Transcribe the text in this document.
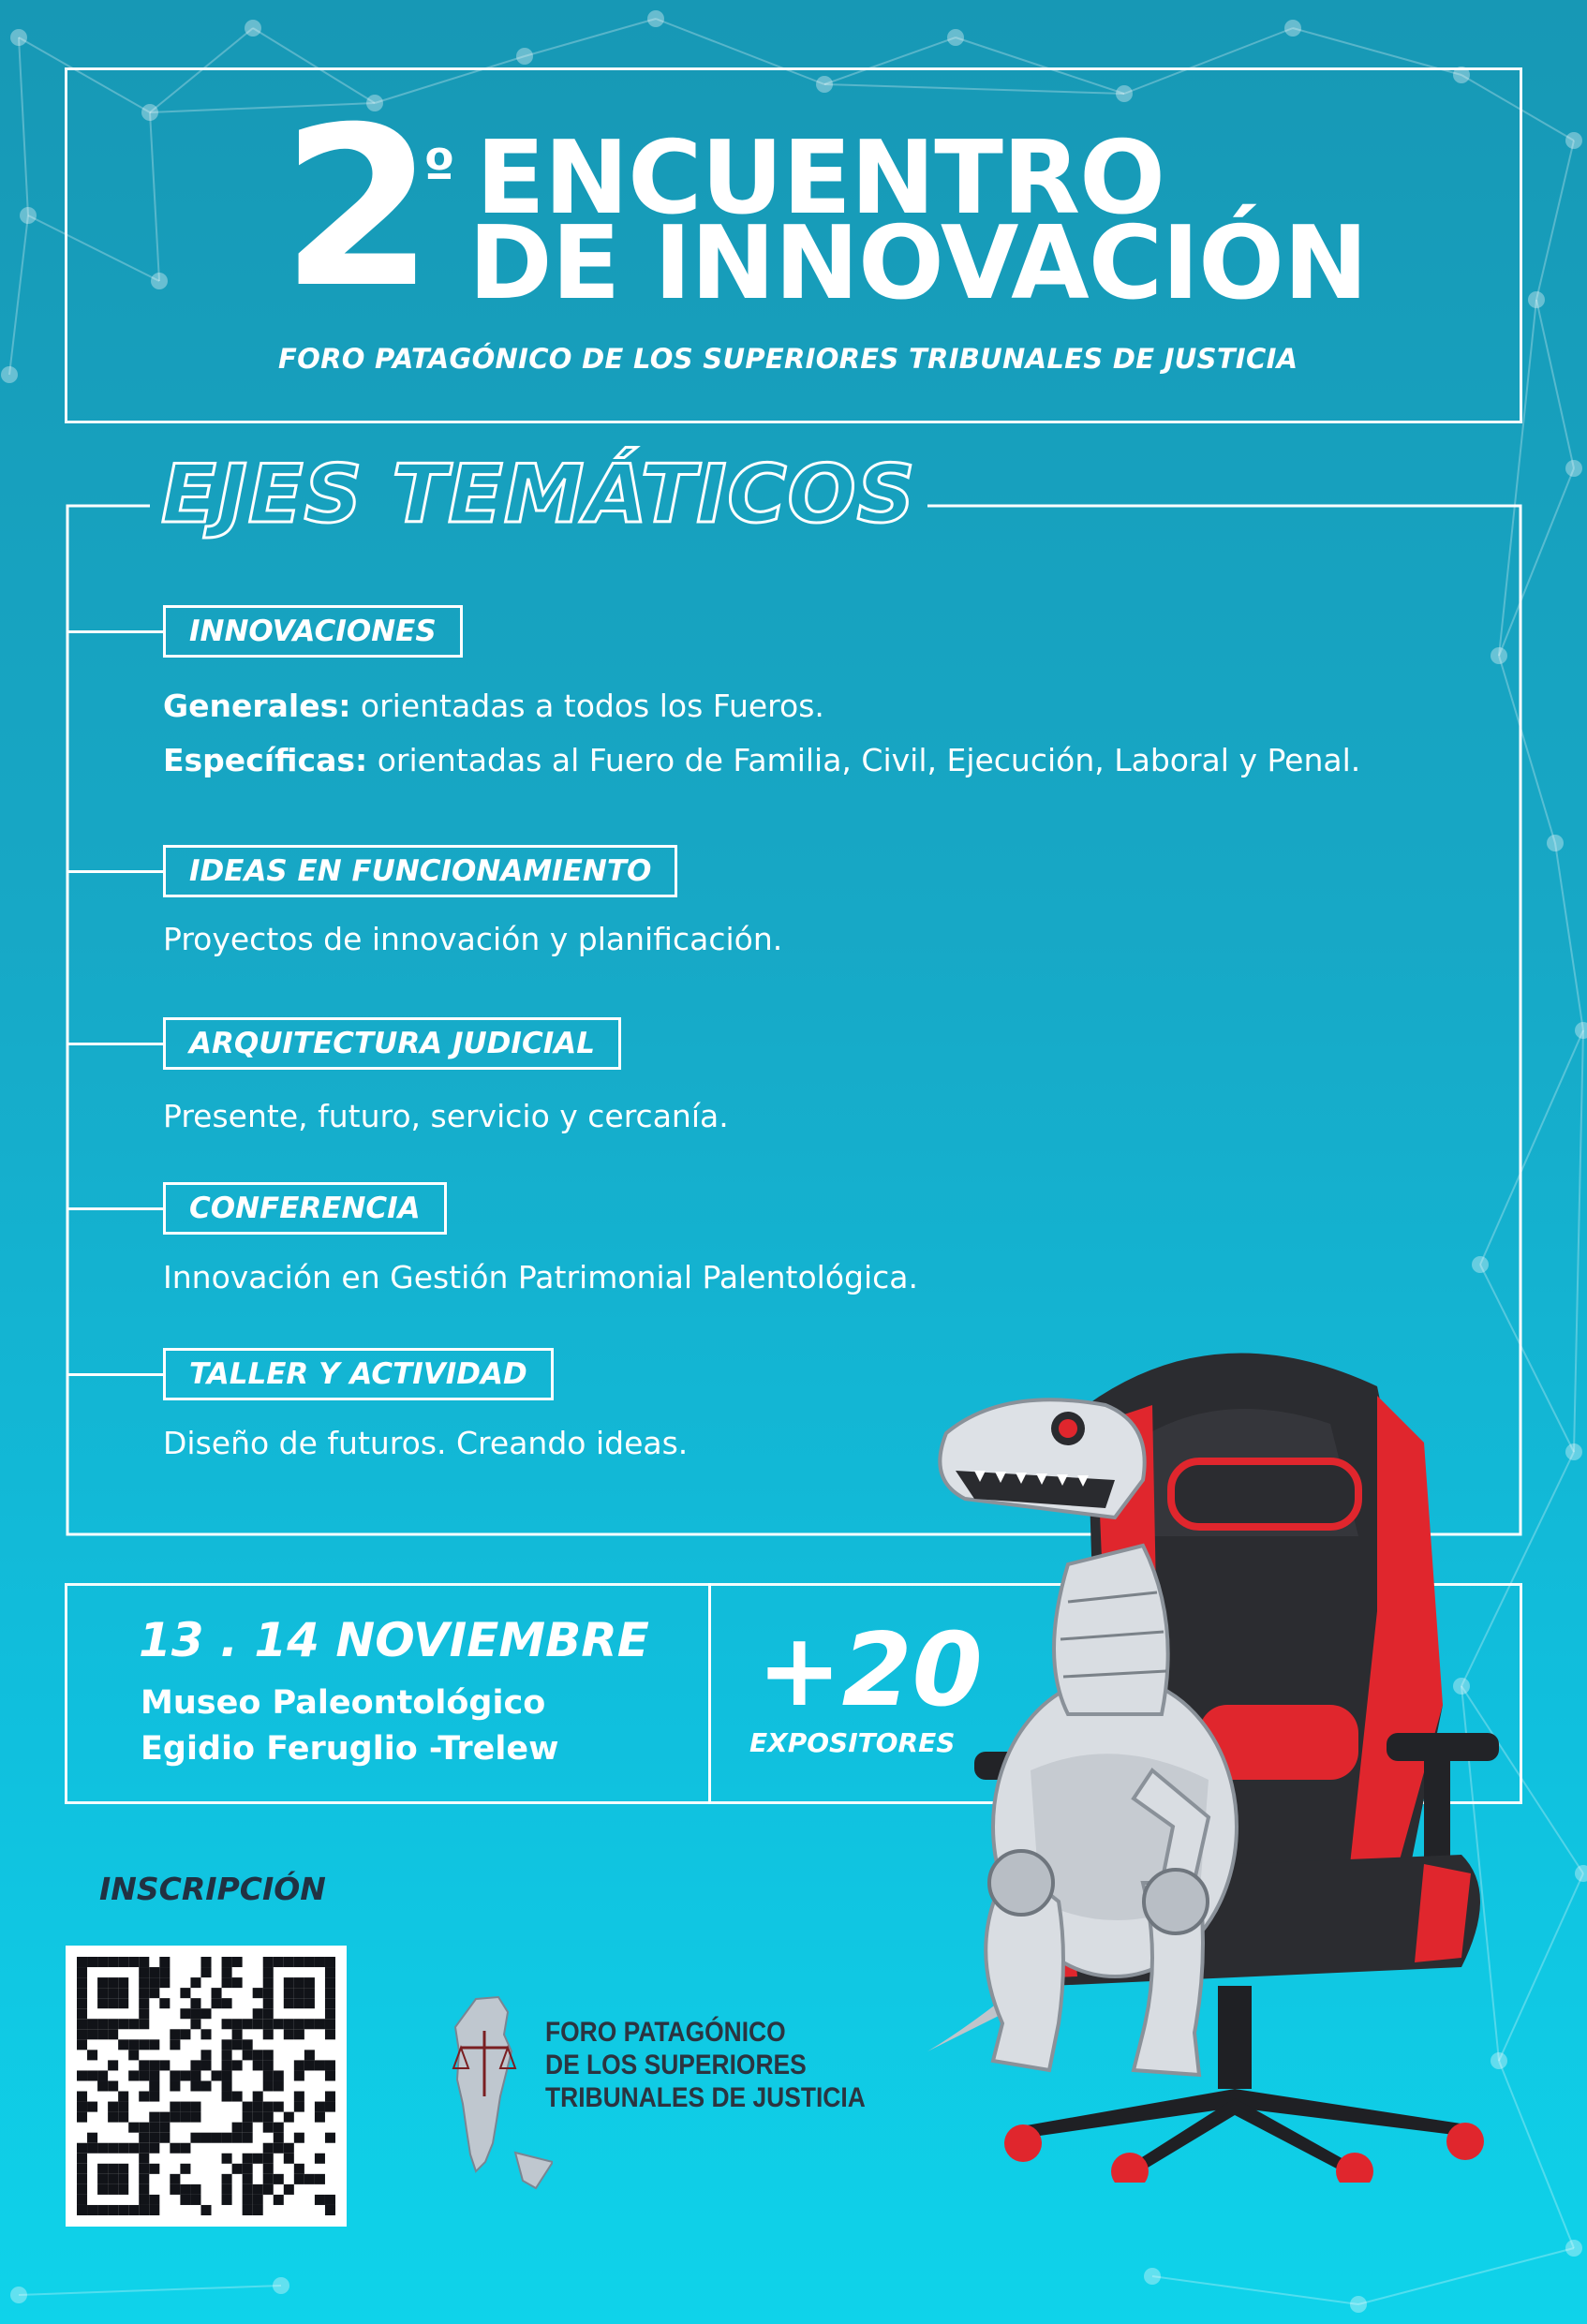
2
º ENCUENTRO
DE INNOVACIÓN
FORO PATAGÓNICO DE LOS SUPERIORES TRIBUNALES DE JUSTICIA
EJES TEMÁTICOS
INNOVACIONES
Generales: orientadas a todos los Fueros.
Específicas: orientadas al Fuero de Familia, Civil, Ejecución, Laboral y Penal.
IDEAS EN FUNCIONAMIENTO
Proyectos de innovación y planificación.
ARQUITECTURA JUDICIAL
Presente, futuro, servicio y cercanía.
CONFERENCIA
Innovación en Gestión Patrimonial Palentológica.
TALLER Y ACTIVIDAD
Diseño de futuros. Creando ideas.
13 . 14 NOVIEMBRE
Museo Paleontológico
Egidio Feruglio -Trelew
+20
EXPOSITORES
INSCRIPCIÓN
FORO PATAGÓNICO
DE LOS SUPERIORES
TRIBUNALES DE JUSTICIA
